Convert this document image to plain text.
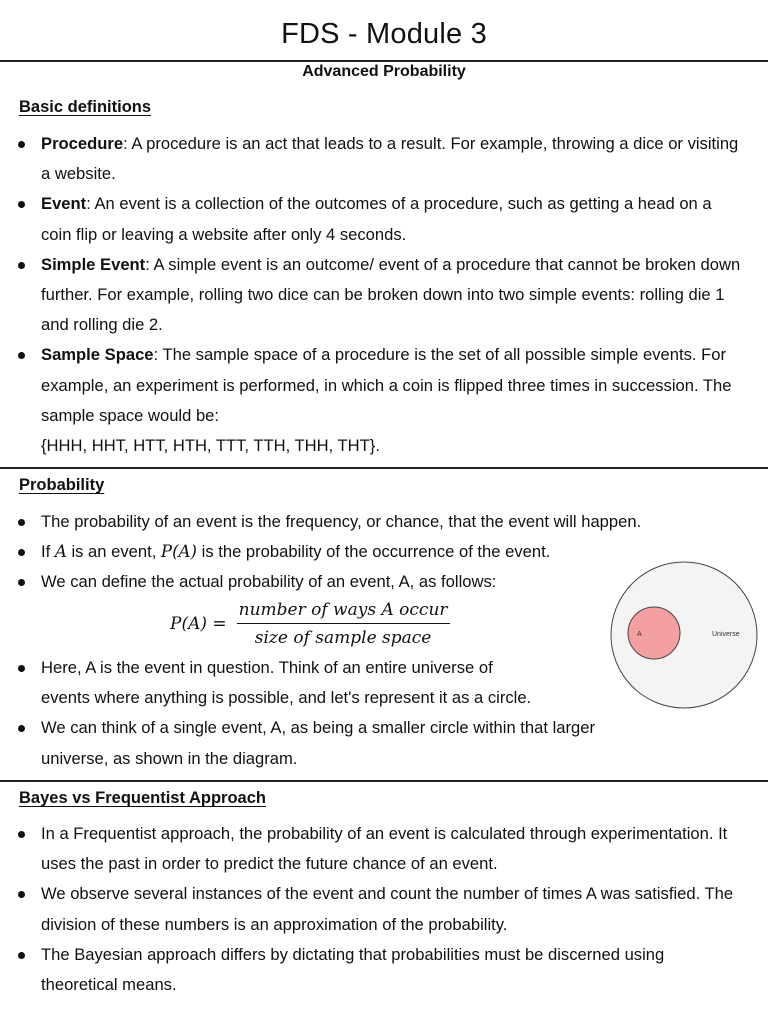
FDS - Module 3
Advanced Probability
Basic definitions
Procedure: A procedure is an act that leads to a result. For example, throwing a dice or visiting a website.
Event: An event is a collection of the outcomes of a procedure, such as getting a head on a coin flip or leaving a website after only 4 seconds.
Simple Event: A simple event is an outcome/ event of a procedure that cannot be broken down further. For example, rolling two dice can be broken down into two simple events: rolling die 1 and rolling die 2.
Sample Space: The sample space of a procedure is the set of all possible simple events. For example, an experiment is performed, in which a coin is flipped three times in succession. The sample space would be:
{HHH, HHT, HTT, HTH, TTT, TTH, THH, THT}.
Probability
The probability of an event is the frequency, or chance, that the event will happen.
If A is an event, P(A) is the probability of the occurrence of the event.
We can define the actual probability of an event, A, as follows:
$P(A) = \frac{\text{number of ways A occur}}{\text{size of sample space}}$
Here, A is the event in question. Think of an entire universe of
events where anything is possible, and let's represent it as a circle.
We can think of a single event, A, as being a smaller circle within that larger
universe, as shown in the diagram.
A	Universe
Bayes vs Frequentist Approach
In a Frequentist approach, the probability of an event is calculated through experimentation. It uses the past in order to predict the future chance of an event.
We observe several instances of the event and count the number of times A was satisfied. The division of these numbers is an approximation of the probability.
The Bayesian approach differs by dictating that probabilities must be discerned using theoretical means.
